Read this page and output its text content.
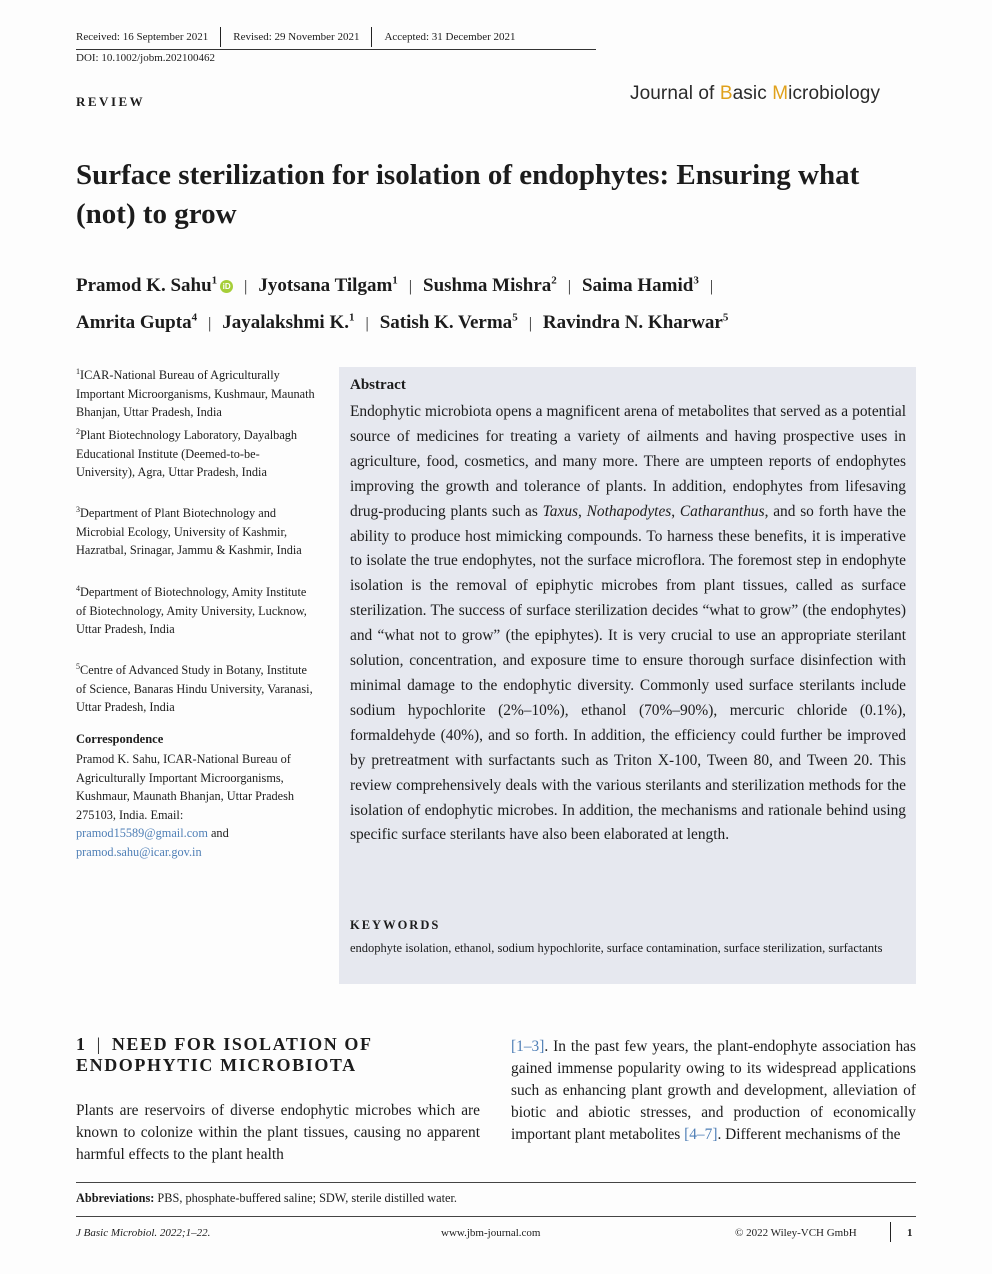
Received: 16 September 2021 Revised: 29 November 2021 Accepted: 31 December 2021
DOI: 10.1002/jobm.202100462
REVIEW	Journal of Basic Microbiology
Surface sterilization for isolation of endophytes: Ensuring what (not) to grow
Pramod K. Sahu$^1$ iD | Jyotsana Tilgam$^1$ | Sushma Mishra$^2$ | Saima Hamid$^3$ |
Amrita Gupta$^4$ | Jayalakshmi K.$^1$ | Satish K. Verma$^5$ | Ravindra N. Kharwar$^5$
$^1$ICAR-National Bureau of Agriculturally Important Microorganisms, Kushmaur, Maunath Bhanjan, Uttar Pradesh, India
$^2$Plant Biotechnology Laboratory, Dayalbagh Educational Institute (Deemed-to-be-University), Agra, Uttar Pradesh, India
$^3$Department of Plant Biotechnology and Microbial Ecology, University of Kashmir, Hazratbal, Srinagar, Jammu & Kashmir, India
$^4$Department of Biotechnology, Amity Institute of Biotechnology, Amity University, Lucknow, Uttar Pradesh, India
$^5$Centre of Advanced Study in Botany, Institute of Science, Banaras Hindu University, Varanasi, Uttar Pradesh, India
Correspondence
Pramod K. Sahu, ICAR-National Bureau of Agriculturally Important Microorganisms, Kushmaur, Maunath Bhanjan, Uttar Pradesh 275103, India. Email: pramod15589@gmail.com and pramod.sahu@icar.gov.in
Abstract
Endophytic microbiota opens a magnificent arena of metabolites that served as a potential source of medicines for treating a variety of ailments and having prospective uses in agriculture, food, cosmetics, and many more. There are umpteen reports of endophytes improving the growth and tolerance of plants. In addition, endophytes from lifesaving drug-producing plants such as Taxus, Nothapodytes, Catharanthus, and so forth have the ability to produce host mimicking compounds. To harness these benefits, it is imperative to isolate the true endophytes, not the surface microflora. The foremost step in endophyte isolation is the removal of epiphytic microbes from plant tissues, called as surface sterilization. The success of surface sterilization decides “what to grow” (the endophytes) and “what not to grow” (the epiphytes). It is very crucial to use an appropriate sterilant solution, concentration, and exposure time to ensure thorough surface disinfection with minimal damage to the endophytic diversity. Commonly used surface sterilants include sodium hypochlorite (2%–10%), ethanol (70%–90%), mercuric chloride (0.1%), formaldehyde (40%), and so forth. In addition, the efficiency could further be improved by pretreatment with surfactants such as Triton X-100, Tween 80, and Tween 20. This review comprehensively deals with the various sterilants and sterilization methods for the isolation of endophytic microbes. In addition, the mechanisms and rationale behind using specific surface sterilants have also been elaborated at length.
KEYWORDS
endophyte isolation, ethanol, sodium hypochlorite, surface contamination, surface sterilization, surfactants
1 | NEED FOR ISOLATION OF ENDOPHYTIC MICROBIOTA
Plants are reservoirs of diverse endophytic microbes which are known to colonize within the plant tissues, causing no apparent harmful effects to the plant health
[1–3]. In the past few years, the plant-endophyte association has gained immense popularity owing to its widespread applications such as enhancing plant growth and development, alleviation of biotic and abiotic stresses, and production of economically important plant metabolites [4–7]. Different mechanisms of the
Abbreviations: PBS, phosphate-buffered saline; SDW, sterile distilled water.
J Basic Microbiol. 2022;1–22.	www.jbm-journal.com	© 2022 Wiley-VCH GmbH	1
